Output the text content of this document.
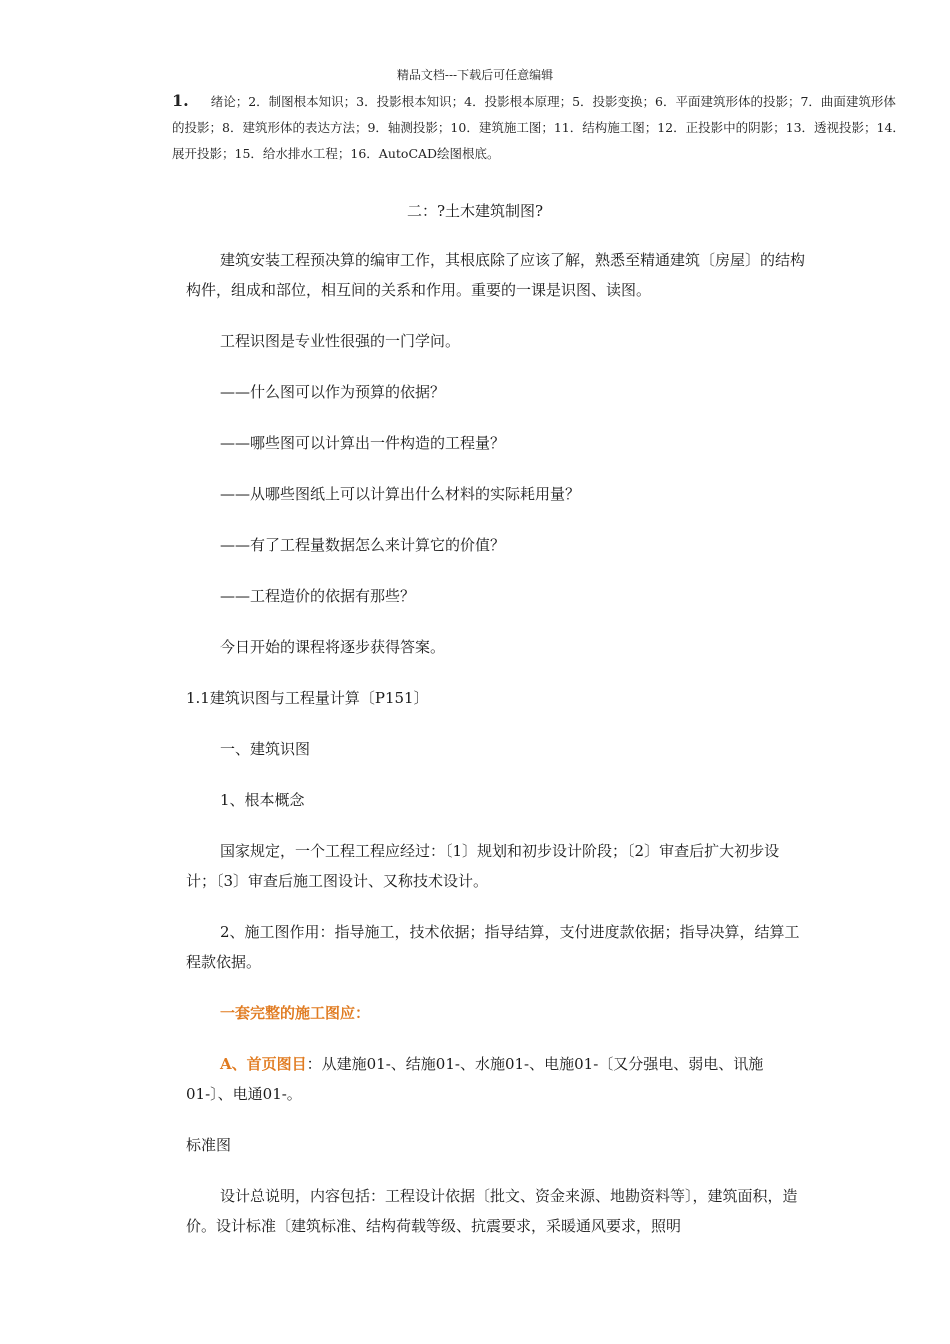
精品文档---下载后可任意编辑
1. 绪论；2．制图根本知识；3．投影根本知识；4．投影根本原理；5．投影变换；6．平面建筑形体的投影；7．曲面建筑形体的投影；8．建筑形体的表达方法；9．轴测投影；10．建筑施工图；11．结构施工图；12．正投影中的阴影；13．透视投影；14．展开投影；15．给水排水工程；16．AutoCAD绘图根底。
二：?土木建筑制图?
建筑安装工程预决算的编审工作，其根底除了应该了解，熟悉至精通建筑〔房屋〕的结构构件，组成和部位，相互间的关系和作用。重要的一课是识图、读图。
工程识图是专业性很强的一门学问。
——什么图可以作为预算的依据？
——哪些图可以计算出一件构造的工程量？
——从哪些图纸上可以计算出什么材料的实际耗用量？
——有了工程量数据怎么来计算它的价值？
——工程造价的依据有那些？
今日开始的课程将逐步获得答案。
1.1建筑识图与工程量计算〔P151〕
一、建筑识图
1、根本概念
国家规定，一个工程工程应经过：〔1〕规划和初步设计阶段；〔2〕审查后扩大初步设计；〔3〕审查后施工图设计、又称技术设计。
2、施工图作用：指导施工，技术依据；指导结算，支付进度款依据；指导决算，结算工程款依据。
一套完整的施工图应：
A、首页图目：从建施01-、结施01-、水施01-、电施01-〔又分强电、弱电、讯施01-〕、电通01-。
标准图
设计总说明，内容包括：工程设计依据〔批文、资金来源、地勘资料等〕，建筑面积，造价。设计标准〔建筑标准、结构荷载等级、抗震要求，采暖通风要求，照明
